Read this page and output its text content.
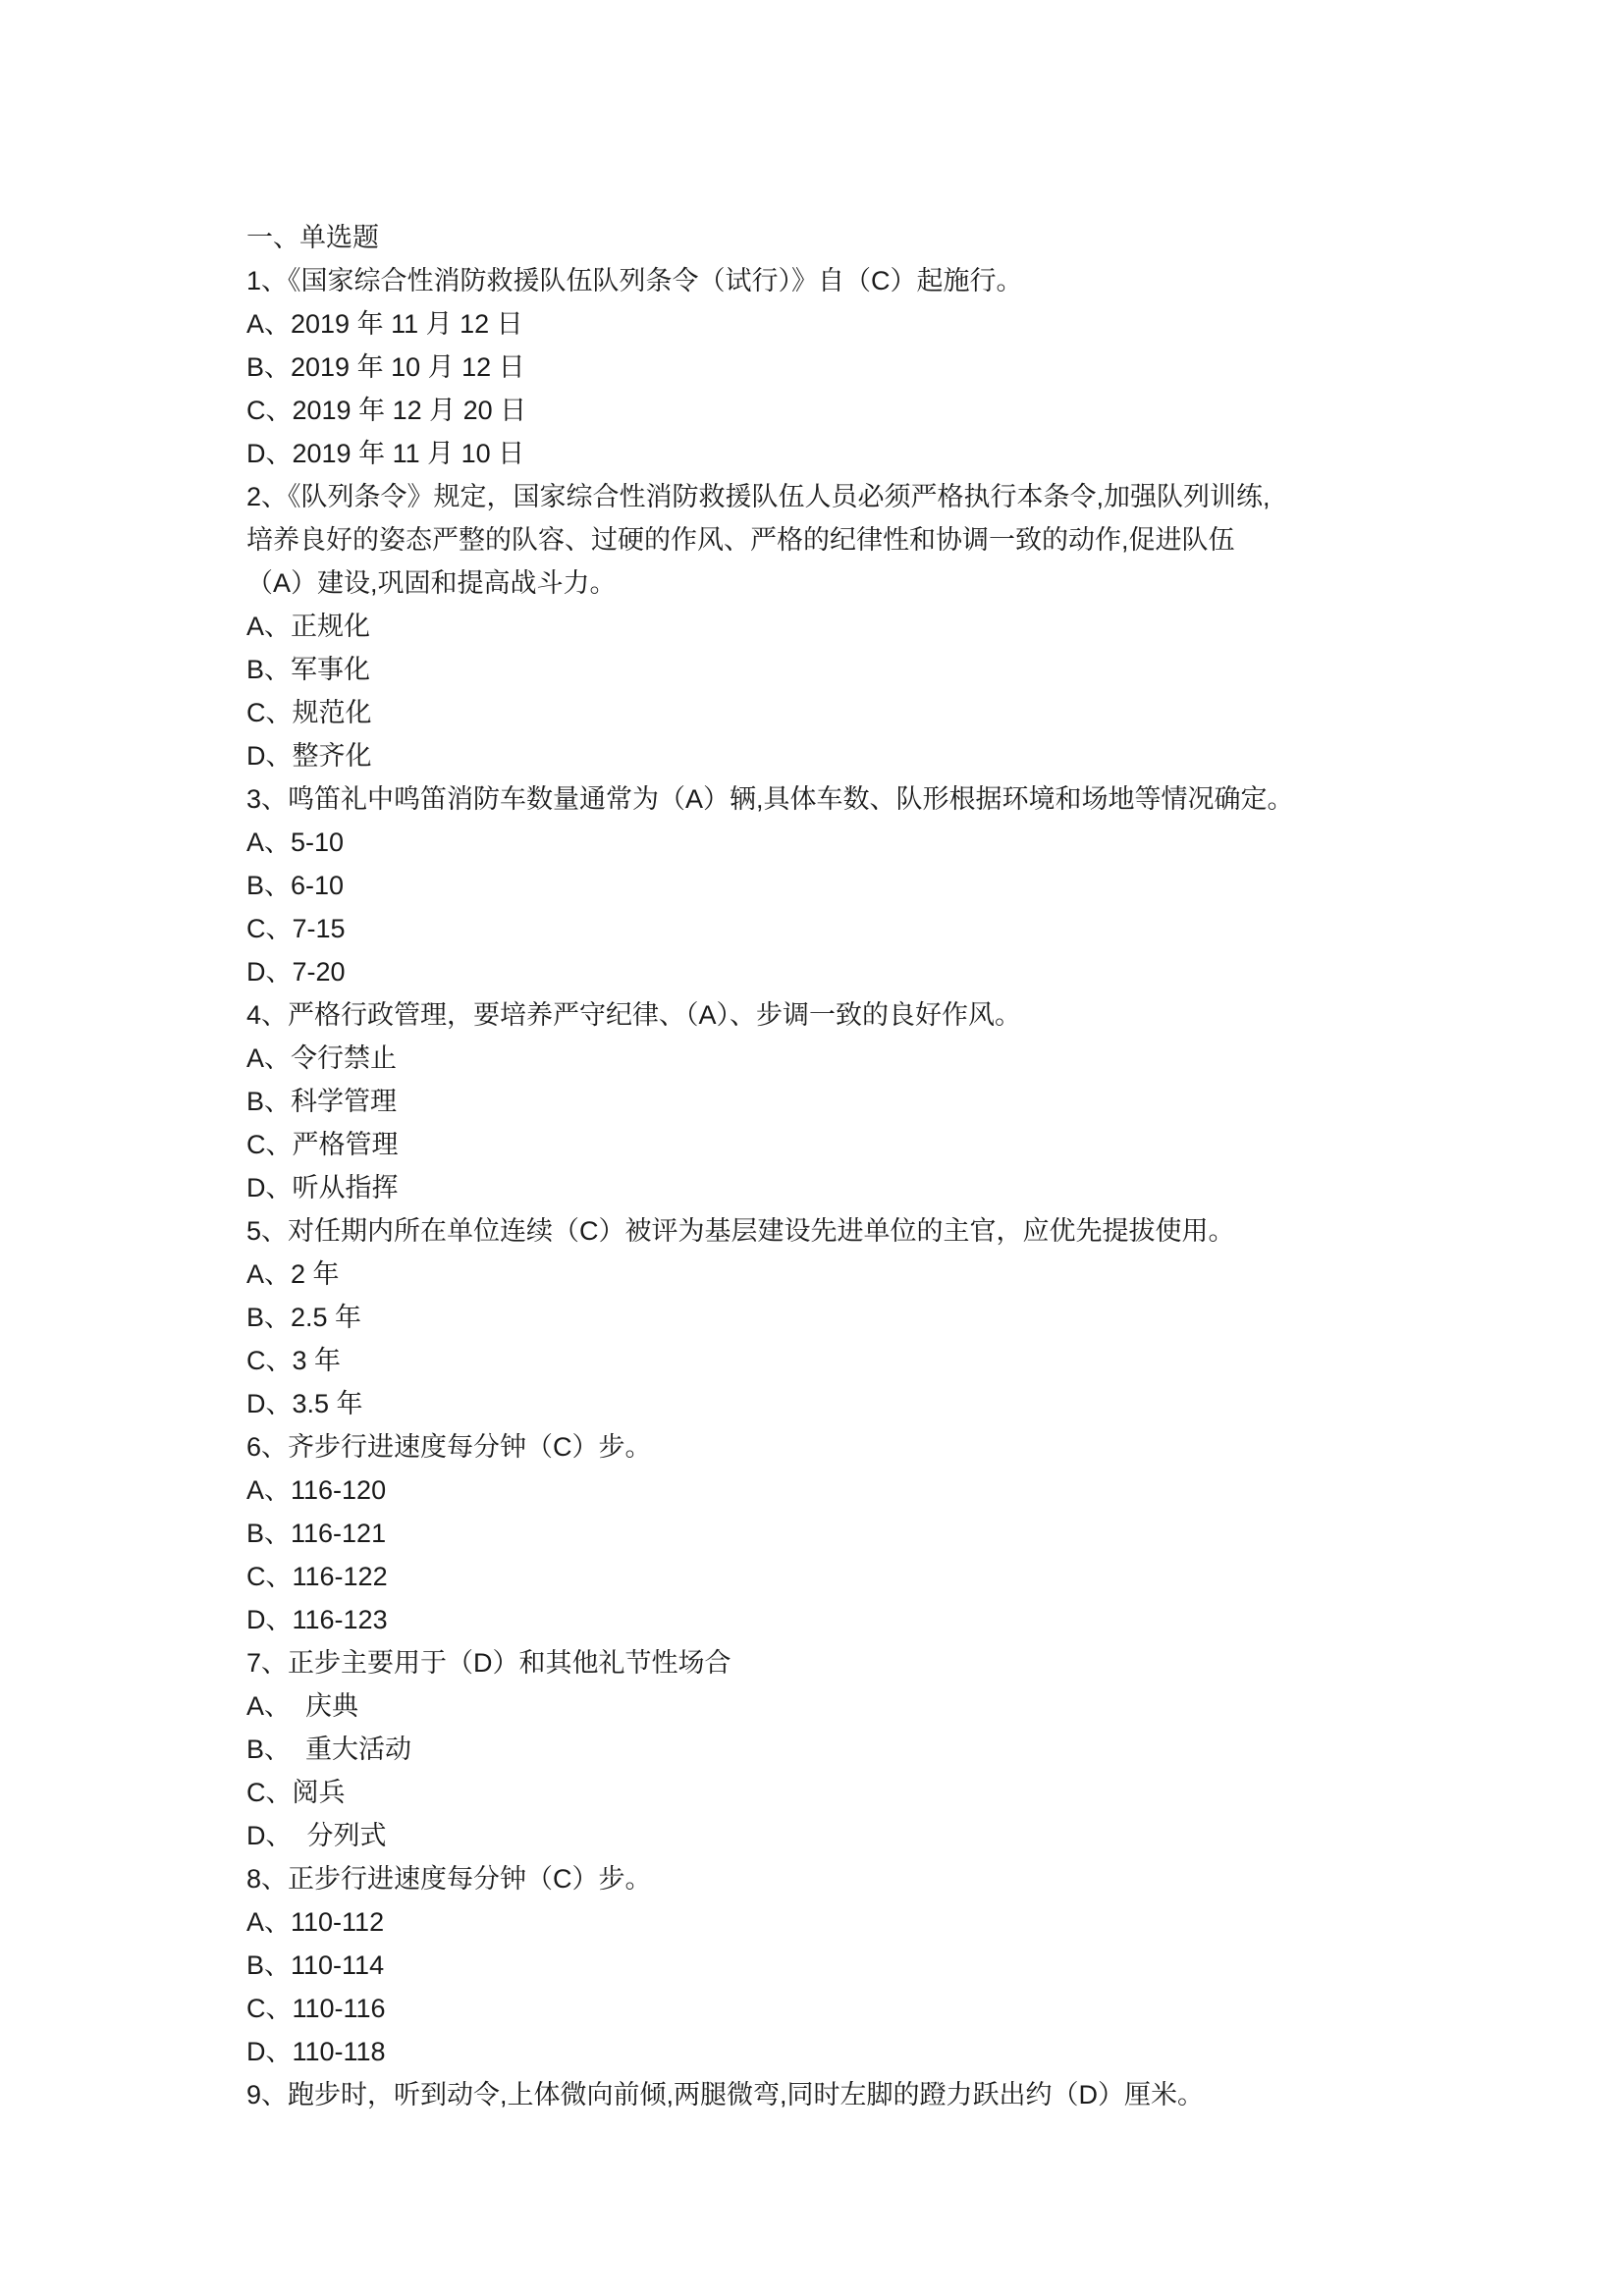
一、单选题
1、《国家综合性消防救援队伍队列条令（试行）》自（C）起施行。
A、2019 年 11 月 12 日
B、2019 年 10 月 12 日
C、2019 年 12 月 20 日
D、2019 年 11 月 10 日
2、《队列条令》规定，国家综合性消防救援队伍人员必须严格执行本条令,加强队列训练,
培养良好的姿态严整的队容、过硬的作风、严格的纪律性和协调一致的动作,促进队伍
（A）建设,巩固和提高战斗力。
A、正规化
B、军事化
C、规范化
D、整齐化
3、鸣笛礼中鸣笛消防车数量通常为（A）辆,具体车数、队形根据环境和场地等情况确定。
A、5-10
B、6-10
C、7-15
D、7-20
4、严格行政管理，要培养严守纪律、（A）、步调一致的良好作风。
A、令行禁止
B、科学管理
C、严格管理
D、听从指挥
5、对任期内所在单位连续（C）被评为基层建设先进单位的主官，应优先提拔使用。
A、2 年
B、2.5 年
C、3 年
D、3.5 年
6、齐步行进速度每分钟（C）步。
A、116-120
B、116-121
C、116-122
D、116-123
7、正步主要用于（D）和其他礼节性场合
A、  庆典
B、  重大活动
C、阅兵
D、  分列式
8、正步行进速度每分钟（C）步。
A、110-112
B、110-114
C、110-116
D、110-118
9、跑步时，听到动令,上体微向前倾,两腿微弯,同时左脚的蹬力跃出约（D）厘米。
